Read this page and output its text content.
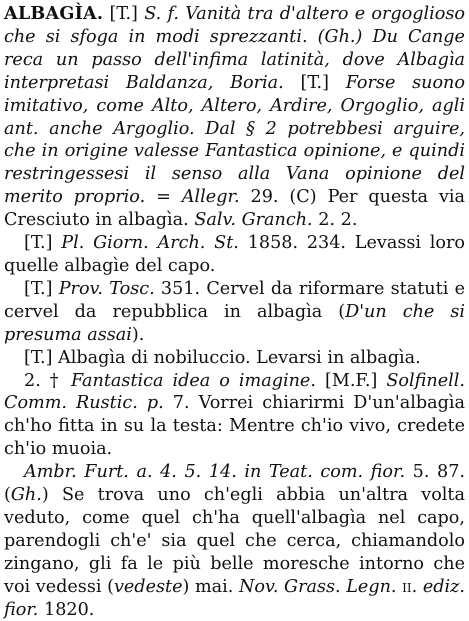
ALBAGÌA. [T.] S. f. Vanità tra d'altero e orgoglioso che si sfoga in modi sprezzanti. (Gh.) Du Cange reca un passo dell'infima latinità, dove Albagìa interpretasi Baldanza, Boria. [T.] Forse suono imitativo, come Alto, Altero, Ardire, Orgoglio, agli ant. anche Argoglio. Dal § 2 potrebbesi arguire, che in origine valesse Fantastica opinione, e quindi restringessesi il senso alla Vana opinione del merito proprio. = Allegr. 29. (C) Per questa via Cresciuto in albagìa. Salv. Granch. 2. 2.

[T.] Pl. Giorn. Arch. St. 1858. 234. Levassi loro quelle albagìe del capo.

[T.] Prov. Tosc. 351. Cervel da riformare statuti e cervel da repubblica in albagìa (D'un che si presuma assai).

[T.] Albagìa di nobiluccio. Levarsi in albagìa.

2. † Fantastica idea o imagine. [M.F.] Solfinell. Comm. Rustic. p. 7. Vorrei chiarirmi D'un'albagìa ch'ho fitta in su la testa: Mentre ch'io vivo, credete ch'io muoia.

Ambr. Furt. a. 4. 5. 14. in Teat. com. fior. 5. 87. (Gh.) Se trova uno ch'egli abbia un'altra volta veduto, come quel ch'ha quell'albagìa nel capo, parendogli ch'e' sia quel che cerca, chiamandolo zingano, gli fa le più belle moresche intorno che voi vedessi (vedeste) mai. Nov. Grass. Legn. ii. ediz. fior. 1820.
